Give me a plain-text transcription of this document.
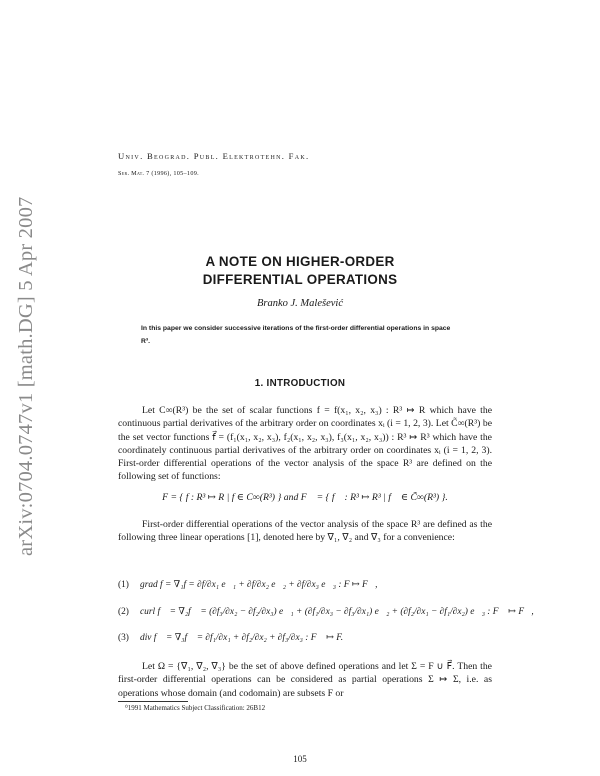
arXiv:0704.0747v1 [math.DG] 5 Apr 2007
Univ. Beograd. Publ. Elektrotehn. Fak.
Ser. Mat. 7 (1996), 105–109.
A NOTE ON HIGHER-ORDER
DIFFERENTIAL OPERATIONS
Branko J. Malešević
In this paper we consider successive iterations of the first-order differential operations in space R³.
1. INTRODUCTION
Let C∞(R³) be the set of scalar functions f = f(x₁, x₂, x₃) : R³ ↦ R which have the continuous partial derivatives of the arbitrary order on coordinates xᵢ (i = 1, 2, 3). Let C̃∞(R³) be the set vector functions f⃗ = (f₁(x₁, x₂, x₃), f₂(x₁, x₂, x₃), f₃(x₁, x₂, x₃)) : R³ ↦ R³ which have the coordinately continuous partial derivatives of the arbitrary order on coordinates xᵢ (i = 1, 2, 3). First-order differential operations of the vector analysis of the space R³ are defined on the following set of functions:
F = { f : R³ ↦ R | f ∈ C∞(R³) } and F⃗ = { f⃗ : R³ ↦ R³ | f⃗ ∈ C̃∞(R³) }.
First-order differential operations of the vector analysis of the space R³ are defined as the following three linear operations [1], denoted here by ∇₁, ∇₂ and ∇₃ for a convenience:
(1) grad f = ∇₁f = ∂f/∂x₁ e⃗₁ + ∂f/∂x₂ e⃗₂ + ∂f/∂x₃ e⃗₃ : F ↦ F⃗,
(2) curl f⃗ = ∇₂f⃗ = (∂f₃/∂x₂ − ∂f₂/∂x₃) e⃗₁ + (∂f₁/∂x₃ − ∂f₃/∂x₁) e⃗₂ + (∂f₂/∂x₁ − ∂f₁/∂x₂) e⃗₃ : F⃗ ↦ F⃗,
(3) div f⃗ = ∇₃f⃗ = ∂f₁/∂x₁ + ∂f₂/∂x₂ + ∂f₃/∂x₃ : F⃗ ↦ F.
Let Ω = {∇₁, ∇₂, ∇₃} be the set of above defined operations and let Σ = F ∪ F⃗. Then the first-order differential operations can be considered as partial operations Σ ↦ Σ, i.e. as operations whose domain (and codomain) are subsets F or
⁰1991 Mathematics Subject Classification: 26B12
105
